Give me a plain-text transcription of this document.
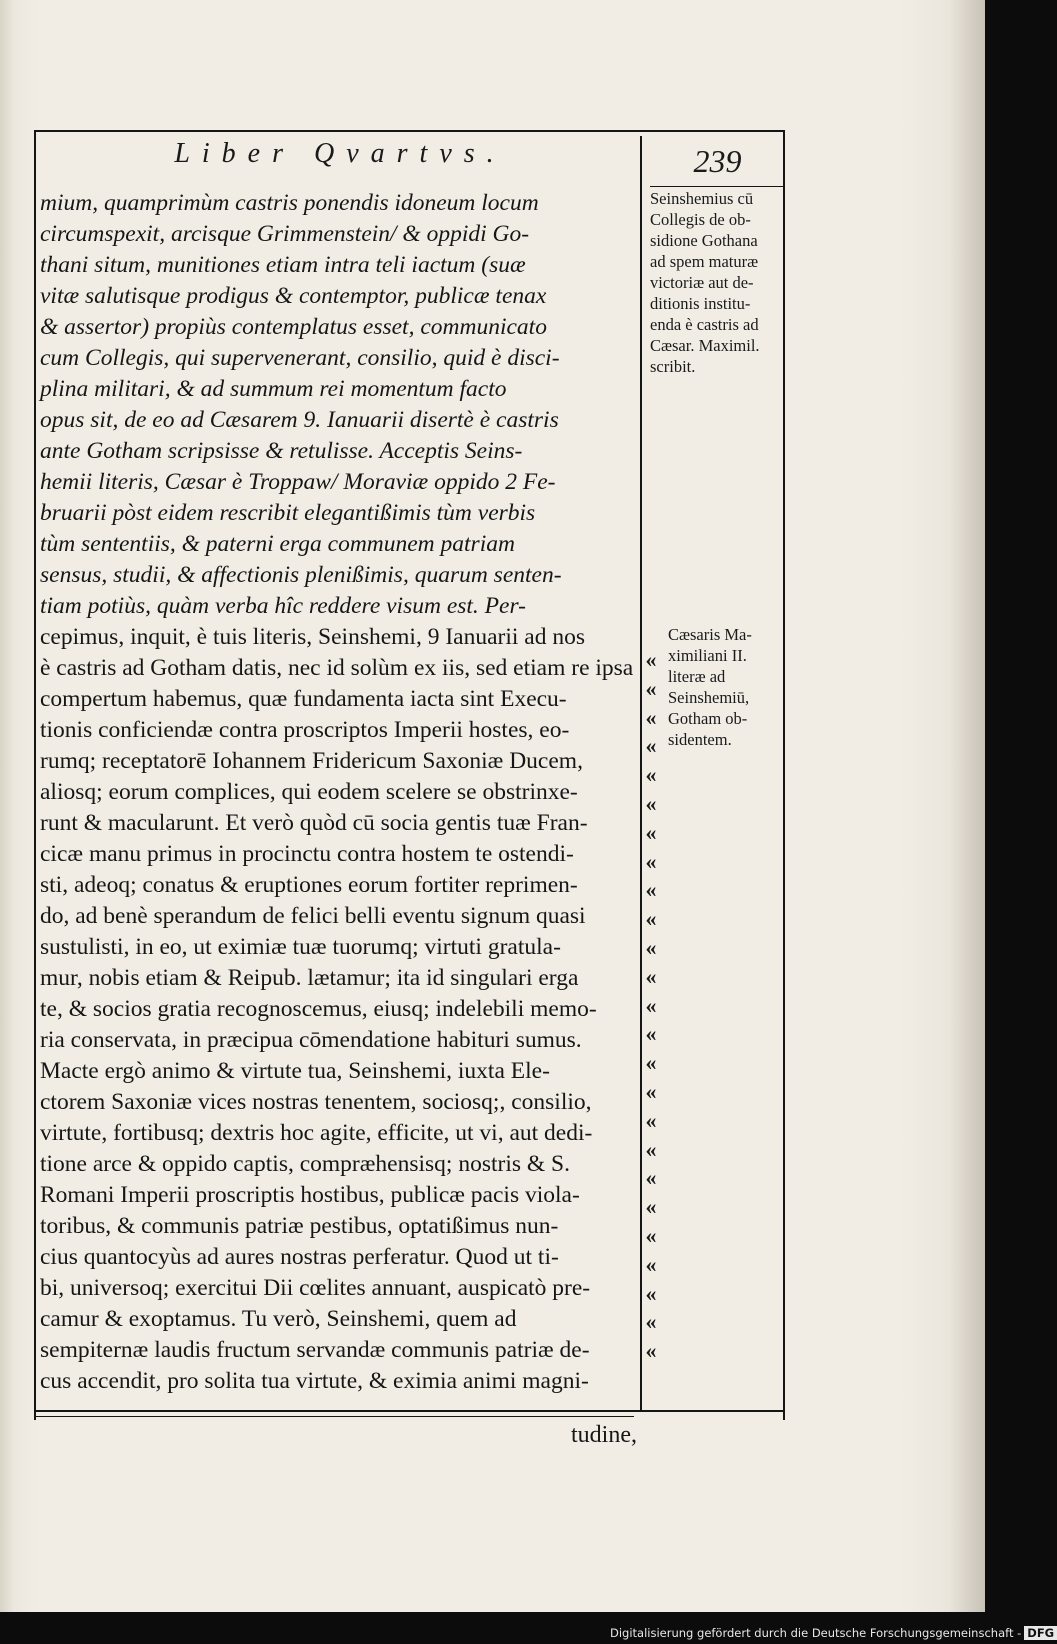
Liber Qvartvs.	239
mium, quamprimùm castris ponendis idoneum locum
circumspexit, arcisque Grimmenstein/ & oppidi Go-
thani situm, munitiones etiam intra teli iactum (suæ
vitæ salutisque prodigus & contemptor, publicæ tenax
& assertor) propiùs contemplatus esset, communicato
cum Collegis, qui supervenerant, consilio, quid è disci-
plina militari, & ad summum rei momentum facto
opus sit, de eo ad Cæsarem 9. Ianuarii disertè è castris
ante Gotham scripsisse & retulisse. Acceptis Seins-
hemii literis, Cæsar è Troppaw/ Moraviæ oppido 2 Fe-
bruarii pòst eidem rescribit elegantißimis tùm verbis
tùm sententiis, & paterni erga communem patriam
sensus, studii, & affectionis plenißimis, quarum senten-
tiam potiùs, quàm verba hîc reddere visum est. Per-
cepimus, inquit, è tuis literis, Seinshemi, 9 Ianuarii ad nos
è castris ad Gotham datis, nec id solùm ex iis, sed etiam re ipsa
compertum habemus, quæ fundamenta iacta sint Execu-
tionis conficiendæ contra proscriptos Imperii hostes, eo-
rumq; receptatorē Iohannem Fridericum Saxoniæ Ducem,
aliosq; eorum complices, qui eodem scelere se obstrinxe-
runt & macularunt. Et verò quòd cū socia gentis tuæ Fran-
cicæ manu primus in procinctu contra hostem te ostendi-
sti, adeoq; conatus & eruptiones eorum fortiter reprimen-
do, ad benè sperandum de felici belli eventu signum quasi
sustulisti, in eo, ut eximiæ tuæ tuorumq; virtuti gratula-
mur, nobis etiam & Reipub. lætamur; ita id singulari erga
te, & socios gratia recognoscemus, eiusq; indelebili memo-
ria conservata, in præcipua cōmendatione habituri sumus.
Macte ergò animo & virtute tua, Seinshemi, iuxta Ele-
ctorem Saxoniæ vices nostras tenentem, sociosq;, consilio,
virtute, fortibusq; dextris hoc agite, efficite, ut vi, aut dedi-
tione arce & oppido captis, compræhensisq; nostris & S.
Romani Imperii proscriptis hostibus, publicæ pacis viola-
toribus, & communis patriæ pestibus, optatißimus nun-
cius quantocyùs ad aures nostras perferatur. Quod ut ti-
bi, universoq; exercitui Dii cœlites annuant, auspicatò pre-
camur & exoptamus. Tu verò, Seinshemi, quem ad
sempiternæ laudis fructum servandæ communis patriæ de-
cus accendit, pro solita tua virtute, & eximia animi magni-
Seinshemius cū
Collegis de ob-
sidione Gothana
ad spem maturæ
victoriæ aut de-
ditionis institu-
enda è castris ad
Cæsar. Maximil.
scribit.
Cæsaris Ma-
ximiliani II.
literæ ad
Seinshemiū,
Gotham ob-
sidentem.
«
«
«
«
«
«
«
«
«
«
«
«
«
«
«
«
«
«
«
«
«
«
«
«
«
tudine,
Digitalisierung gefördert durch die Deutsche Forschungsgemeinschaft - DFG
